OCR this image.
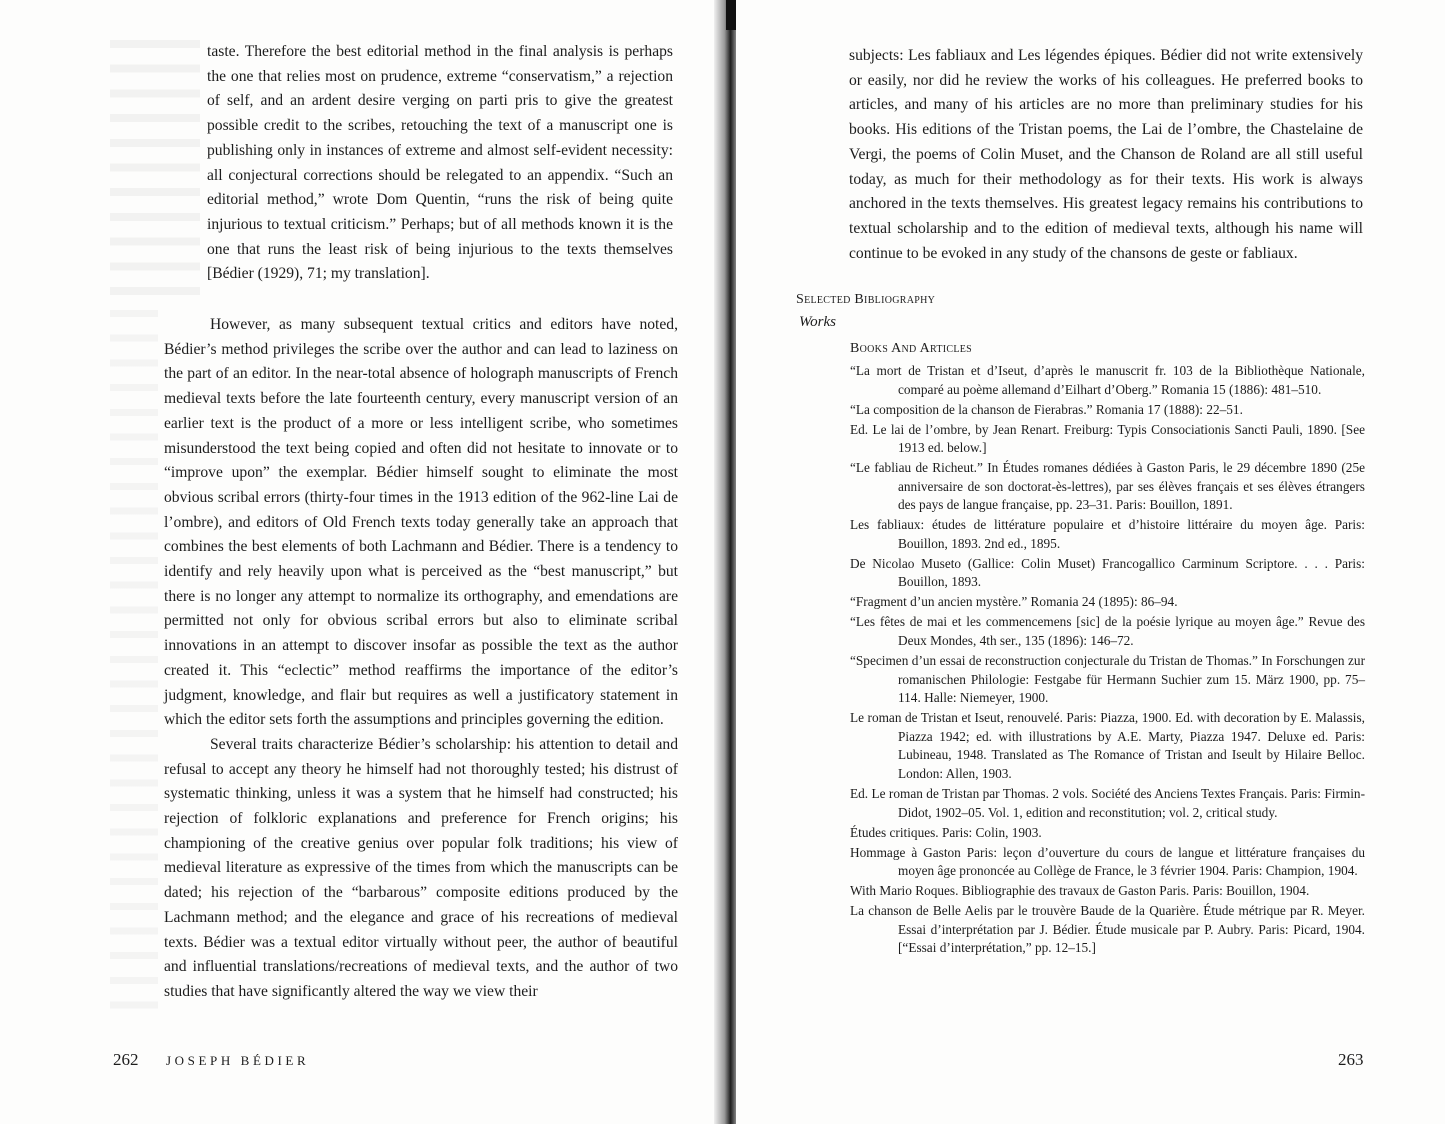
taste. Therefore the best editorial method in the final analysis is perhaps the one that relies most on prudence, extreme “conservatism,” a rejection of self, and an ardent desire verging on parti pris to give the greatest possible credit to the scribes, retouching the text of a manuscript one is publishing only in instances of extreme and almost self-evident necessity: all conjectural corrections should be relegated to an appendix. “Such an editorial method,” wrote Dom Quentin, “runs the risk of being quite injurious to textual criticism.” Perhaps; but of all methods known it is the one that runs the least risk of being injurious to the texts themselves [Bédier (1929), 71; my translation].

However, as many subsequent textual critics and editors have noted, Bédier’s method privileges the scribe over the author and can lead to laziness on the part of an editor. In the near-total absence of holograph manuscripts of French medieval texts before the late fourteenth century, every manuscript version of an earlier text is the product of a more or less intelligent scribe, who sometimes misunderstood the text being copied and often did not hesitate to innovate or to “improve upon” the exemplar. Bédier himself sought to eliminate the most obvious scribal errors (thirty-four times in the 1913 edition of the 962-line Lai de l’ombre), and editors of Old French texts today generally take an approach that combines the best elements of both Lachmann and Bédier. There is a tendency to identify and rely heavily upon what is perceived as the “best manuscript,” but there is no longer any attempt to normalize its orthography, and emendations are permitted not only for obvious scribal errors but also to eliminate scribal innovations in an attempt to discover insofar as possible the text as the author created it. This “eclectic” method reaffirms the importance of the editor’s judgment, knowledge, and flair but requires as well a justificatory statement in which the editor sets forth the assumptions and principles governing the edition.

Several traits characterize Bédier’s scholarship: his attention to detail and refusal to accept any theory he himself had not thoroughly tested; his distrust of systematic thinking, unless it was a system that he himself had constructed; his rejection of folkloric explanations and preference for French origins; his championing of the creative genius over popular folk traditions; his view of medieval literature as expressive of the times from which the manuscripts can be dated; his rejection of the “barbarous” composite editions produced by the Lachmann method; and the elegance and grace of his recreations of medieval texts. Bédier was a textual editor virtually without peer, the author of beautiful and influential translations/recreations of medieval texts, and the author of two studies that have significantly altered the way we view their

262 JOSEPH BÉDIER

subjects: Les fabliaux and Les légendes épiques. Bédier did not write extensively or easily, nor did he review the works of his colleagues. He preferred books to articles, and many of his articles are no more than preliminary studies for his books. His editions of the Tristan poems, the Lai de l’ombre, the Chastelaine de Vergi, the poems of Colin Muset, and the Chanson de Roland are all still useful today, as much for their methodology as for their texts. His work is always anchored in the texts themselves. His greatest legacy remains his contributions to textual scholarship and to the edition of medieval texts, although his name will continue to be evoked in any study of the chansons de geste or fabliaux.

Selected Bibliography
Works
Books And Articles
“La mort de Tristan et d’Iseut, d’après le manuscrit fr. 103 de la Bibliothèque Nationale, comparé au poème allemand d’Eilhart d’Oberg.” Romania 15 (1886): 481–510.
“La composition de la chanson de Fierabras.” Romania 17 (1888): 22–51.
Ed. Le lai de l’ombre, by Jean Renart. Freiburg: Typis Consociationis Sancti Pauli, 1890. [See 1913 ed. below.]
“Le fabliau de Richeut.” In Études romanes dédiées à Gaston Paris, le 29 décembre 1890 (25e anniversaire de son doctorat-ès-lettres), par ses élèves français et ses élèves étrangers des pays de langue française, pp. 23–31. Paris: Bouillon, 1891.
Les fabliaux: études de littérature populaire et d’histoire littéraire du moyen âge. Paris: Bouillon, 1893. 2nd ed., 1895.
De Nicolao Museto (Gallice: Colin Muset) Francogallico Carminum Scriptore. . . . Paris: Bouillon, 1893.
“Fragment d’un ancien mystère.” Romania 24 (1895): 86–94.
“Les fêtes de mai et les commencemens [sic] de la poésie lyrique au moyen âge.” Revue des Deux Mondes, 4th ser., 135 (1896): 146–72.
“Specimen d’un essai de reconstruction conjecturale du Tristan de Thomas.” In Forschungen zur romanischen Philologie: Festgabe für Hermann Suchier zum 15. März 1900, pp. 75–114. Halle: Niemeyer, 1900.
Le roman de Tristan et Iseut, renouvelé. Paris: Piazza, 1900. Ed. with decoration by E. Malassis, Piazza 1942; ed. with illustrations by A.E. Marty, Piazza 1947. Deluxe ed. Paris: Lubineau, 1948. Translated as The Romance of Tristan and Iseult by Hilaire Belloc. London: Allen, 1903.
Ed. Le roman de Tristan par Thomas. 2 vols. Société des Anciens Textes Français. Paris: Firmin-Didot, 1902–05. Vol. 1, edition and reconstitution; vol. 2, critical study.
Études critiques. Paris: Colin, 1903.
Hommage à Gaston Paris: leçon d’ouverture du cours de langue et littérature françaises du moyen âge prononcée au Collège de France, le 3 février 1904. Paris: Champion, 1904.
With Mario Roques. Bibliographie des travaux de Gaston Paris. Paris: Bouillon, 1904.
La chanson de Belle Aelis par le trouvère Baude de la Quarière. Étude métrique par R. Meyer. Essai d’interprétation par J. Bédier. Étude musicale par P. Aubry. Paris: Picard, 1904. [“Essai d’interprétation,” pp. 12–15.]
263
